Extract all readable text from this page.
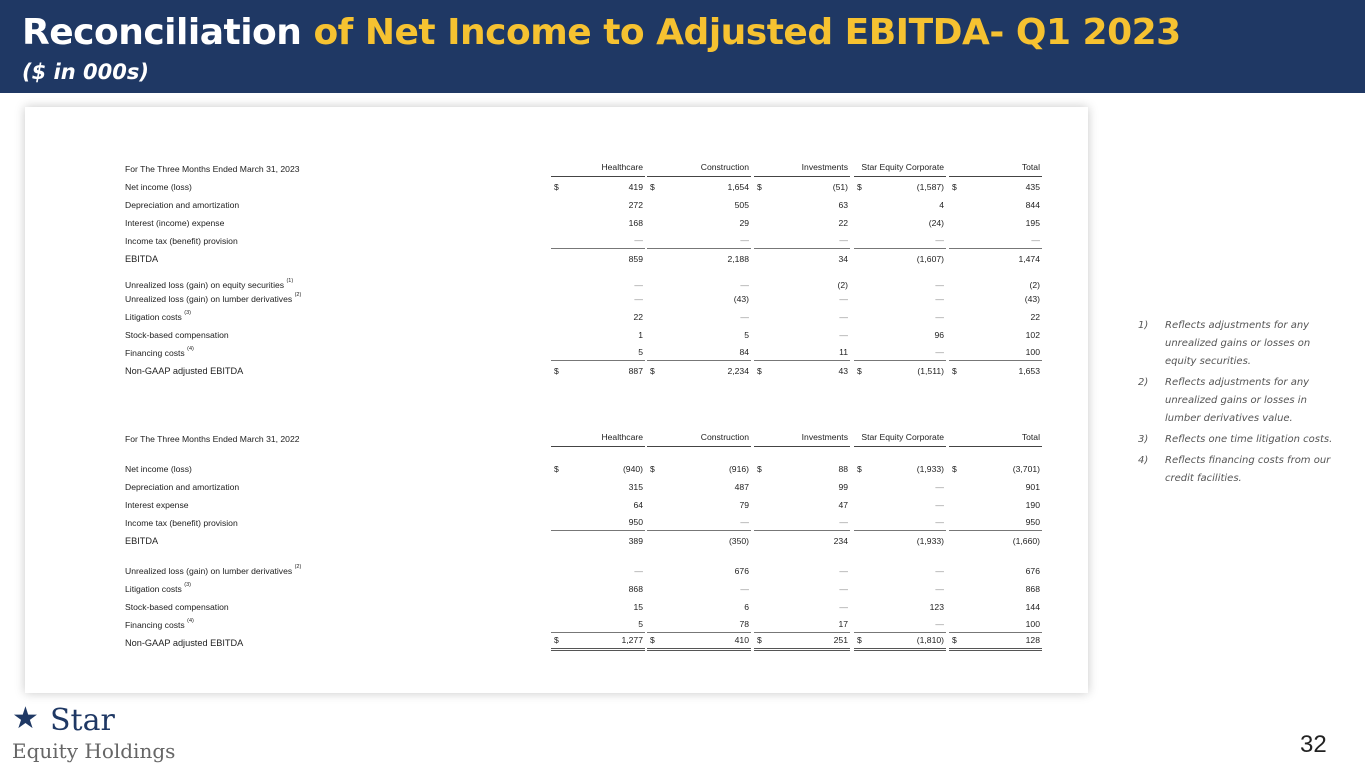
Reconciliation of Net Income to Adjusted EBITDA- Q1 2023
($ in 000s)
For The Three Months Ended March 31, 2023	Healthcare	Construction	Investments	Star Equity Corporate	Total
Net income (loss)	$	419 $	1,654 $	(51) $	(1,587) $	435
Depreciation and amortization	272	505	63	4	844
Interest (income) expense	168	29	22	(24)	195
Income tax (benefit) provision	—	—	—	—	—
EBITDA	859	2,188	34	(1,607)	1,474
Unrealized loss (gain) on equity securities $^{(1)}$	—	—	(2)	—	(2)
Unrealized loss (gain) on lumber derivatives $^{(2)}$	—	(43)	—	—	(43)
Litigation costs $^{(3)}$	22	—	—	—	22
Stock-based compensation	1	5	—	96	102
Financing costs $^{(4)}$	5	84	11	—	100
Non-GAAP adjusted EBITDA	$	887 $	2,234 $	43 $	(1,511) $	1,653
For The Three Months Ended March 31, 2022	Healthcare	Construction	Investments	Star Equity Corporate	Total
Net income (loss)	$	(940) $	(916) $	88 $	(1,933) $	(3,701)
Depreciation and amortization	315	487	99	—	901
Interest expense	64	79	47	—	190
Income tax (benefit) provision	950	—	—	—	950
EBITDA	389	(350)	234	(1,933)	(1,660)
Unrealized loss (gain) on lumber derivatives $^{(2)}$	—	676	—	—	676
Litigation costs $^{(3)}$	868	—	—	—	868
Stock-based compensation	15	6	—	123	144
Financing costs $^{(4)}$	5	78	17	—	100
Non-GAAP adjusted EBITDA	$	1,277 $	410 $	251 $	(1,810) $	128
1) Reflects adjustments for any unrealized gains or losses on equity securities.
2) Reflects adjustments for any unrealized gains or losses in lumber derivatives value.
3) Reflects one time litigation costs.
4) Reflects financing costs from our credit facilities.
★ Star
Equity Holdings	32
